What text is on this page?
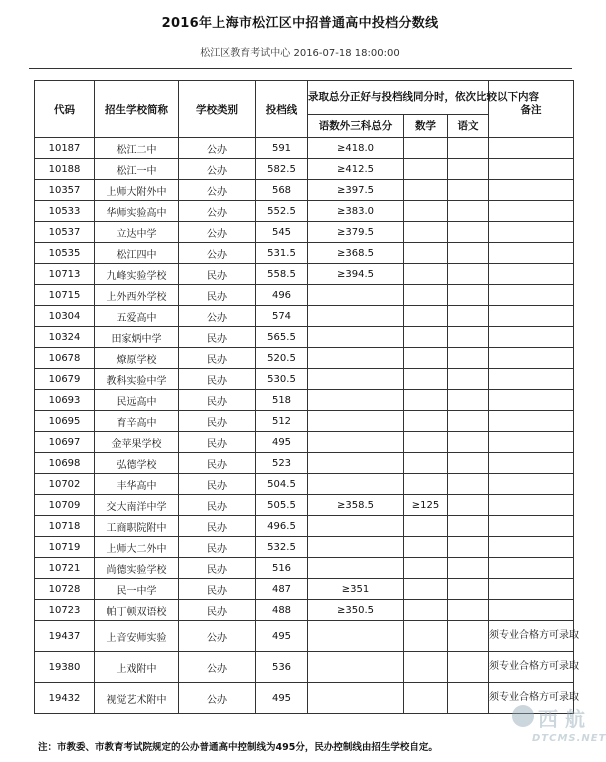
2016年上海市松江区中招普通高中投档分数线
松江区教育考试中心 2016-07-18 18:00:00
代码	招生学校简称	学校类别	投档线	录取总分正好与投档线同分时，依次比较以下内容			备注
				语数外三科总分	数学	语文	
10187	松江二中	公办	591	≥418.0			
10188	松江一中	公办	582.5	≥412.5			
10357	上师大附外中	公办	568	≥397.5			
10533	华师实验高中	公办	552.5	≥383.0			
10537	立达中学	公办	545	≥379.5			
10535	松江四中	公办	531.5	≥368.5			
10713	九峰实验学校	民办	558.5	≥394.5			
10715	上外西外学校	民办	496				
10304	五爱高中	公办	574				
10324	田家炳中学	民办	565.5				
10678	燎原学校	民办	520.5				
10679	教科实验中学	民办	530.5				
10693	民远高中	民办	518				
10695	育辛高中	民办	512				
10697	金苹果学校	民办	495				
10698	弘德学校	民办	523				
10702	丰华高中	民办	504.5				
10709	交大南洋中学	民办	505.5	≥358.5	≥125		
10718	工商职院附中	民办	496.5				
10719	上师大二外中	民办	532.5				
10721	尚德实验学校	民办	516				
10728	民一中学	民办	487	≥351			
10723	帕丁顿双语校	民办	488	≥350.5			
19437	上音安师实验	公办	495				须专业合格方可录取
19380	上戏附中	公办	536				须专业合格方可录取
19432	视觉艺术附中	公办	495				须专业合格方可录取
注：市教委、市教育考试院规定的公办普通高中控制线为495分，民办控制线由招生学校自定。
西 航
DTCMS.NET
